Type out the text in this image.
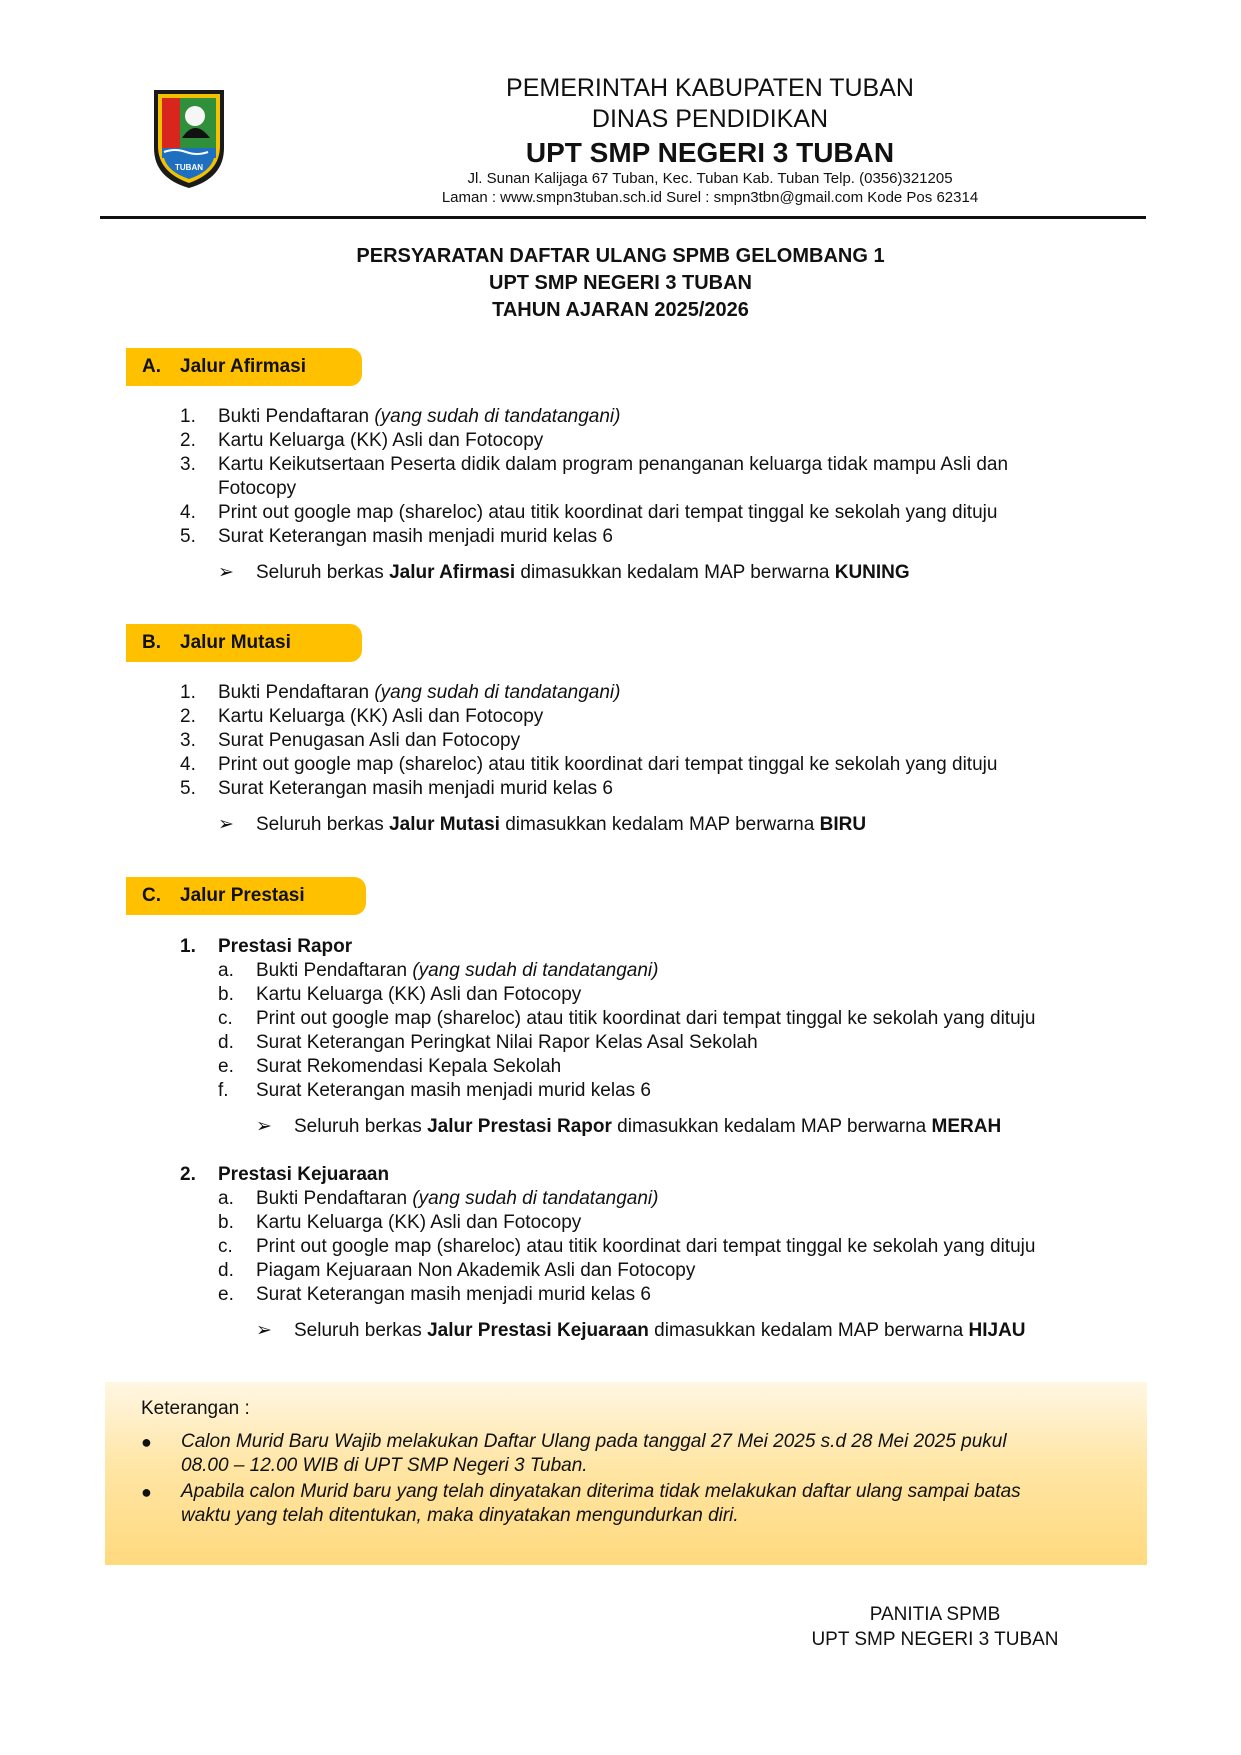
TUBAN
PEMERINTAH KABUPATEN TUBAN
DINAS PENDIDIKAN
UPT SMP NEGERI 3 TUBAN
Jl. Sunan Kalijaga 67 Tuban, Kec. Tuban Kab. Tuban Telp. (0356)321205
Laman : www.smpn3tuban.sch.id Surel : smpn3tbn@gmail.com Kode Pos 62314
PERSYARATAN DAFTAR ULANG SPMB GELOMBANG 1
UPT SMP NEGERI 3 TUBAN
TAHUN AJARAN 2025/2026
A. Jalur Afirmasi
1. Bukti Pendaftaran (yang sudah di tandatangani)
2. Kartu Keluarga (KK) Asli dan Fotocopy
3. Kartu Keikutsertaan Peserta didik dalam program penanganan keluarga tidak mampu Asli dan
Fotocopy
4. Print out google map (shareloc) atau titik koordinat dari tempat tinggal ke sekolah yang dituju
5. Surat Keterangan masih menjadi murid kelas 6
➢ Seluruh berkas Jalur Afirmasi dimasukkan kedalam MAP berwarna KUNING
B. Jalur Mutasi
1. Bukti Pendaftaran (yang sudah di tandatangani)
2. Kartu Keluarga (KK) Asli dan Fotocopy
3. Surat Penugasan Asli dan Fotocopy
4. Print out google map (shareloc) atau titik koordinat dari tempat tinggal ke sekolah yang dituju
5. Surat Keterangan masih menjadi murid kelas 6
➢ Seluruh berkas Jalur Mutasi dimasukkan kedalam MAP berwarna BIRU
C. Jalur Prestasi
1. Prestasi Rapor
a. Bukti Pendaftaran (yang sudah di tandatangani)
b. Kartu Keluarga (KK) Asli dan Fotocopy
c. Print out google map (shareloc) atau titik koordinat dari tempat tinggal ke sekolah yang dituju
d. Surat Keterangan Peringkat Nilai Rapor Kelas Asal Sekolah
e. Surat Rekomendasi Kepala Sekolah
f. Surat Keterangan masih menjadi murid kelas 6
➢ Seluruh berkas Jalur Prestasi Rapor dimasukkan kedalam MAP berwarna MERAH
2. Prestasi Kejuaraan
a. Bukti Pendaftaran (yang sudah di tandatangani)
b. Kartu Keluarga (KK) Asli dan Fotocopy
c. Print out google map (shareloc) atau titik koordinat dari tempat tinggal ke sekolah yang dituju
d. Piagam Kejuaraan Non Akademik Asli dan Fotocopy
e. Surat Keterangan masih menjadi murid kelas 6
➢ Seluruh berkas Jalur Prestasi Kejuaraan dimasukkan kedalam MAP berwarna HIJAU
Keterangan :
● Calon Murid Baru Wajib melakukan Daftar Ulang pada tanggal 27 Mei 2025 s.d 28 Mei 2025 pukul
08.00 – 12.00 WIB di UPT SMP Negeri 3 Tuban.
● Apabila calon Murid baru yang telah dinyatakan diterima tidak melakukan daftar ulang sampai batas
waktu yang telah ditentukan, maka dinyatakan mengundurkan diri.
PANITIA SPMB
UPT SMP NEGERI 3 TUBAN
